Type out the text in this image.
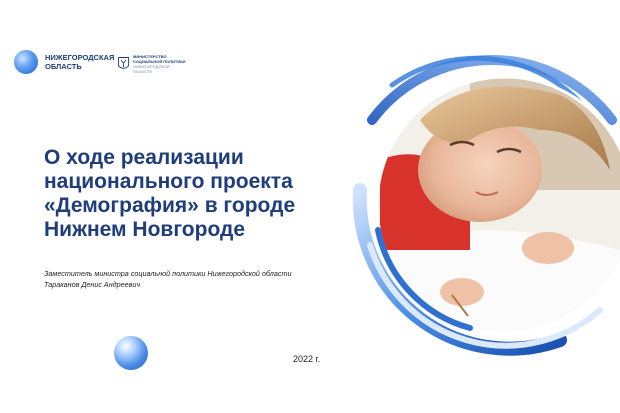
НИЖЕГОРОДСКАЯ ОБЛАСТЬ
МИНИСТЕРСТВО
СОЦИАЛЬНОЙ ПОЛИТИКИ
НИЖЕГОРОДСКОЙ
ОБЛАСТИ
О ходе реализации
национального проекта
«Демография» в городе
Нижнем Новгороде
Заместитель министра социальной политики Нижегородской области
Тараканов Денис Андреевич
2022 г.
